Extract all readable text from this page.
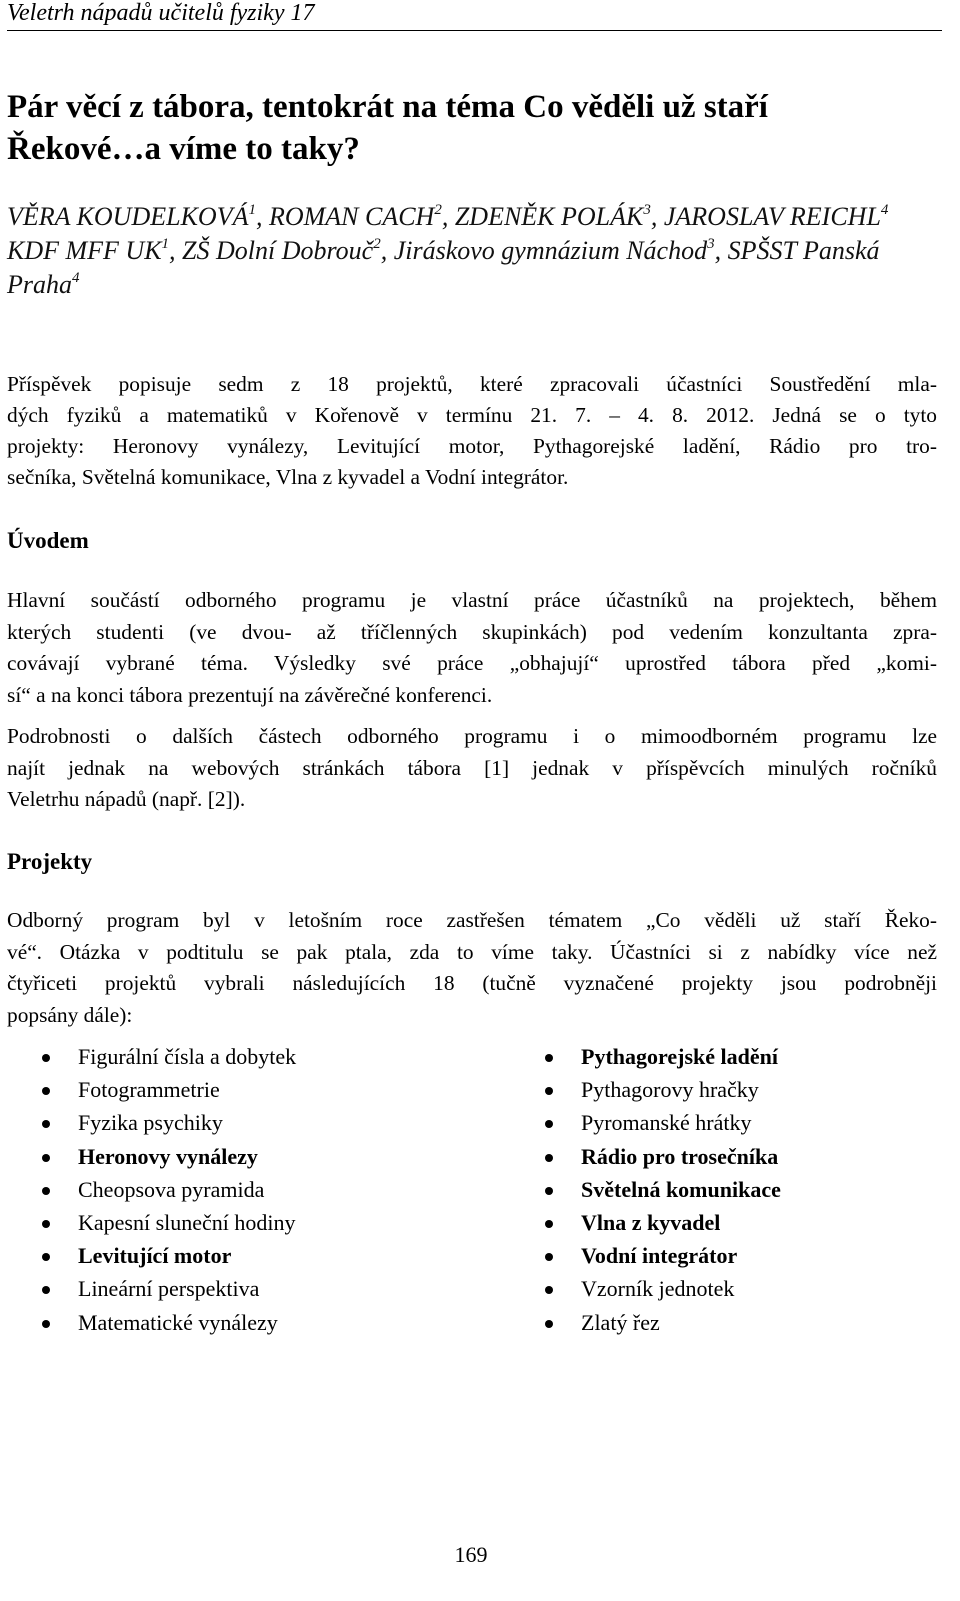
Veletrh nápadů učitelů fyziky 17
Pár věcí z tábora, tentokrát na téma Co věděli už staří
Řekové…a víme to taky?
VĚRA KOUDELKOVÁ$^1$, ROMAN CACH$^2$, ZDENĚK POLÁK$^3$, JAROSLAV REICHL$^4$
KDF MFF $UK^1$, ZŠ Dolní Dobrouč$^2$, Jiráskovo gymnázium Náchod$^3$, SPŠST Panská Praha$^4$
Příspěvek popisuje sedm z 18 projektů, které zpracovali účastníci Soustředění mla-
dých fyziků a matematiků v Kořenově v termínu 21. 7. – 4. 8. 2012. Jedná se o tyto
projekty: Heronovy vynálezy, Levitující motor, Pythagorejské ladění, Rádio pro tro-
sečníka, Světelná komunikace, Vlna z kyvadel a Vodní integrátor.
Úvodem
Hlavní součástí odborného programu je vlastní práce účastníků na projektech, během
kterých studenti (ve dvou- až tříčlenných skupinkách) pod vedením konzultanta zpra-
covávají vybrané téma. Výsledky své práce „obhajují“ uprostřed tábora před „komi-
sí“ a na konci tábora prezentují na závěrečné konferenci.
Podrobnosti o dalších částech odborného programu i o mimoodborném programu lze
najít jednak na webových stránkách tábora [1] jednak v příspěvcích minulých ročníků
Veletrhu nápadů (např. [2]).
Projekty
Odborný program byl v letošním roce zastřešen tématem „Co věděli už staří Řeko-
vé“. Otázka v podtitulu se pak ptala, zda to víme taky. Účastníci si z nabídky více než
čtyřiceti projektů vybrali následujících 18 (tučně vyznačené projekty jsou podrobněji
popsány dále):
Figurální čísla a dobytek
Fotogrammetrie
Fyzika psychiky
Heronovy vynálezy
Cheopsova pyramida
Kapesní sluneční hodiny
Levitující motor
Lineární perspektiva
Matematické vynálezy
Pythagorejské ladění
Pythagorovy hračky
Pyromanské hrátky
Rádio pro trosečníka
Světelná komunikace
Vlna z kyvadel
Vodní integrátor
Vzorník jednotek
Zlatý řez
169
